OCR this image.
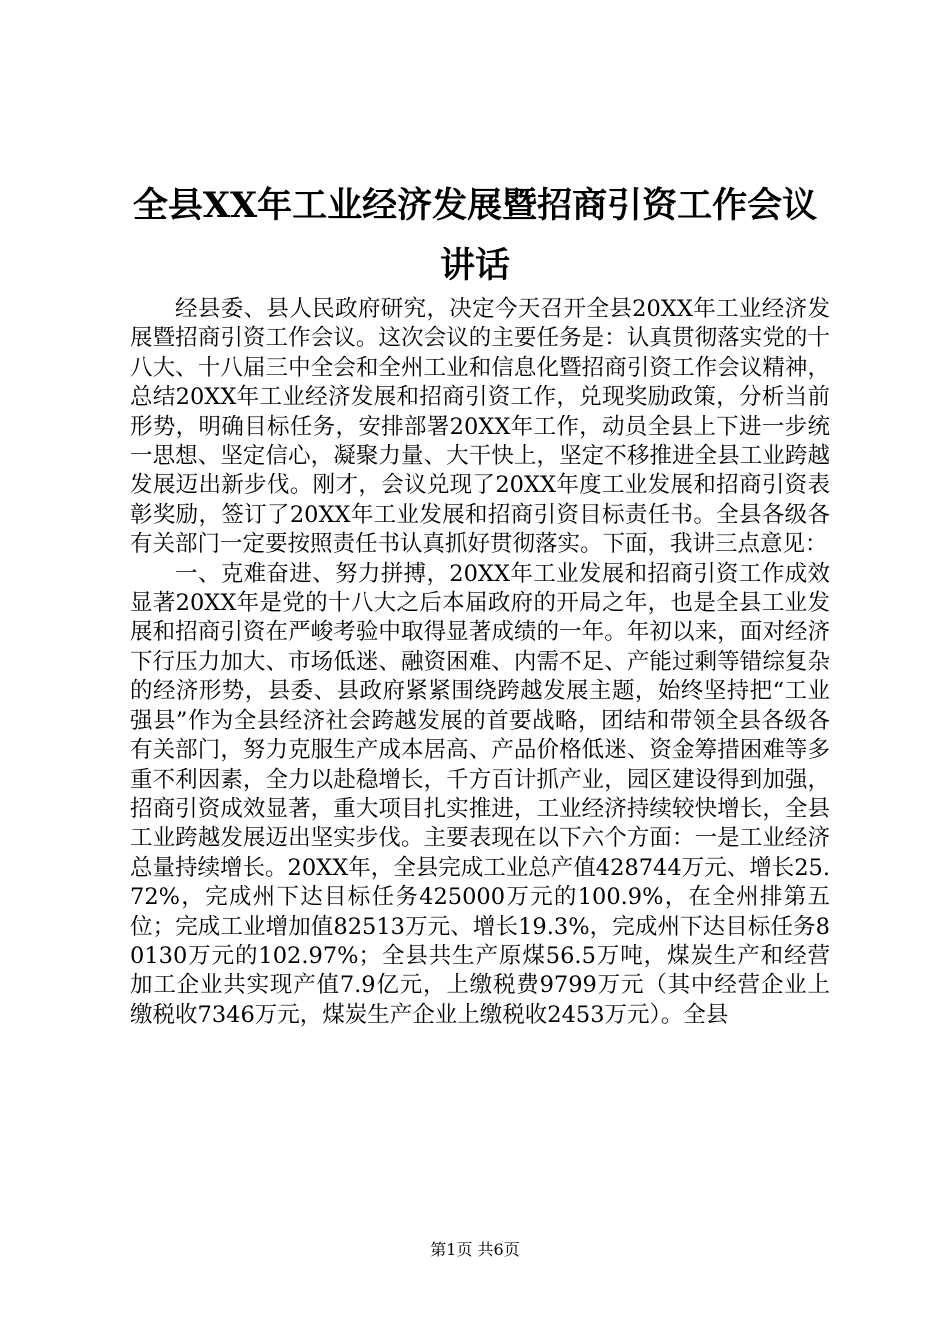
全县XX年工业经济发展暨招商引资工作会议讲话

经县委、县人民政府研究，决定今天召开全县20XX年工业经济发展暨招商引资工作会议。这次会议的主要任务是：认真贯彻落实党的十八大、十八届三中全会和全州工业和信息化暨招商引资工作会议精神，总结20XX年工业经济发展和招商引资工作，兑现奖励政策，分析当前形势，明确目标任务，安排部署20XX年工作，动员全县上下进一步统一思想、坚定信心，凝聚力量、大干快上，坚定不移推进全县工业跨越发展迈出新步伐。刚才，会议兑现了20XX年度工业发展和招商引资表彰奖励，签订了20XX年工业发展和招商引资目标责任书。全县各级各有关部门一定要按照责任书认真抓好贯彻落实。下面，我讲三点意见：

一、克难奋进、努力拼搏，20XX年工业发展和招商引资工作成效显著20XX年是党的十八大之后本届政府的开局之年，也是全县工业发展和招商引资在严峻考验中取得显著成绩的一年。年初以来，面对经济下行压力加大、市场低迷、融资困难、内需不足、产能过剩等错综复杂的经济形势，县委、县政府紧紧围绕跨越发展主题，始终坚持把“工业强县”作为全县经济社会跨越发展的首要战略，团结和带领全县各级各有关部门，努力克服生产成本居高、产品价格低迷、资金筹措困难等多重不利因素，全力以赴稳增长，千方百计抓产业，园区建设得到加强，招商引资成效显著，重大项目扎实推进，工业经济持续较快增长，全县工业跨越发展迈出坚实步伐。主要表现在以下六个方面：一是工业经济总量持续增长。20XX年，全县完成工业总产值428744万元、增长25.72%，完成州下达目标任务425000万元的100.9%，在全州排第五位；完成工业增加值82513万元、增长19.3%，完成州下达目标任务80130万元的102.97%；全县共生产原煤56.5万吨，煤炭生产和经营加工企业共实现产值7.9亿元，上缴税费9799万元（其中经营企业上缴税收7346万元，煤炭生产企业上缴税收2453万元）。全县

第1页 共6页
